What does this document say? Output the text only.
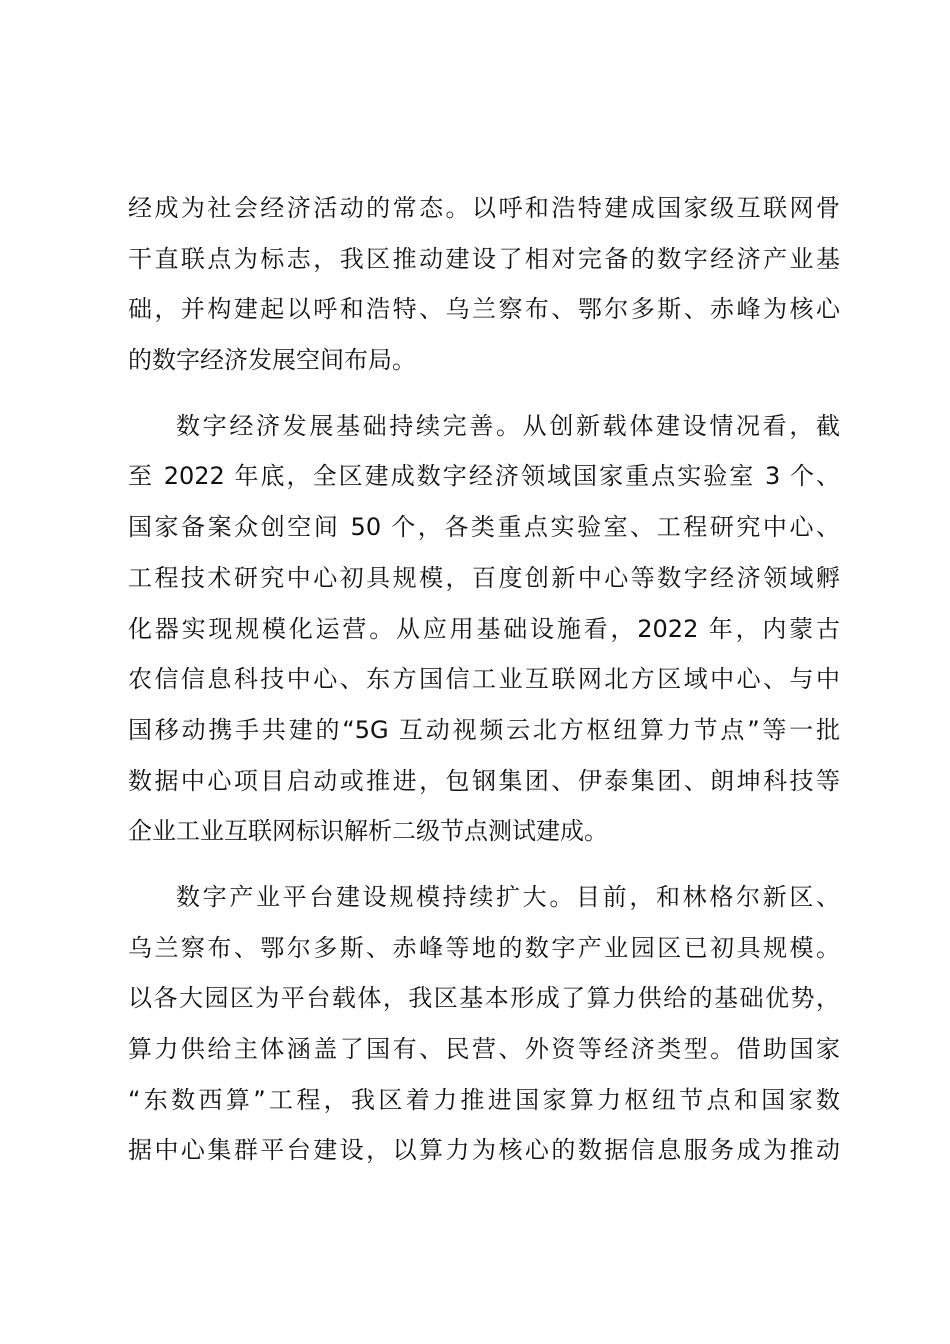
经成为社会经济活动的常态。以呼和浩特建成国家级互联网骨
干直联点为标志，我区推动建设了相对完备的数字经济产业基
础，并构建起以呼和浩特、乌兰察布、鄂尔多斯、赤峰为核心
的数字经济发展空间布局。
数字经济发展基础持续完善。从创新载体建设情况看，截
至 2022 年底，全区建成数字经济领域国家重点实验室 3 个、
国家备案众创空间 50 个，各类重点实验室、工程研究中心、
工程技术研究中心初具规模，百度创新中心等数字经济领域孵
化器实现规模化运营。从应用基础设施看，2022 年，内蒙古
农信信息科技中心、东方国信工业互联网北方区域中心、与中
国移动携手共建的“5G 互动视频云北方枢纽算力节点”等一批
数据中心项目启动或推进，包钢集团、伊泰集团、朗坤科技等
企业工业互联网标识解析二级节点测试建成。
数字产业平台建设规模持续扩大。目前，和林格尔新区、
乌兰察布、鄂尔多斯、赤峰等地的数字产业园区已初具规模。
以各大园区为平台载体，我区基本形成了算力供给的基础优势，
算力供给主体涵盖了国有、民营、外资等经济类型。借助国家
“东数西算”工程，我区着力推进国家算力枢纽节点和国家数
据中心集群平台建设，以算力为核心的数据信息服务成为推动
